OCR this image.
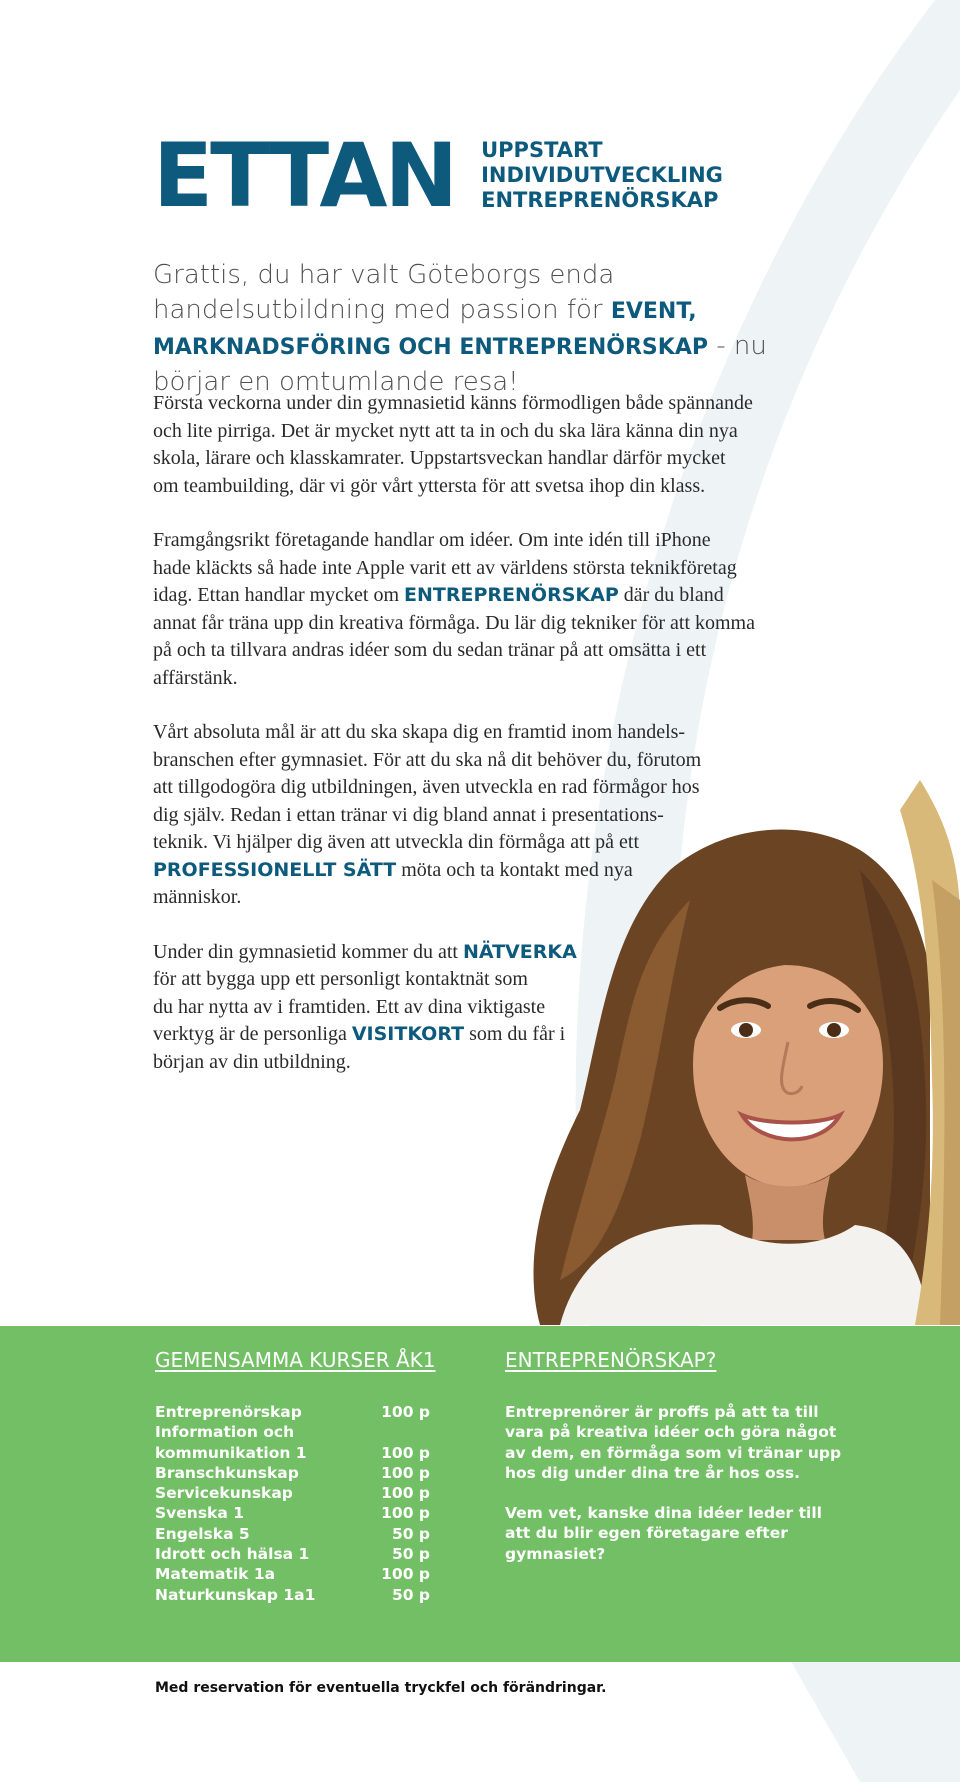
ETTAN UPPSTART
INDIVIDUTVECKLING
ENTREPRENÖRSKAP
Grattis, du har valt Göteborgs enda handelsutbildning med passion för EVENT, MARKNADSFÖRING OCH ENTREPRENÖRSKAP - nu börjar en omtumlande resa!
Första veckorna under din gymnasietid känns förmodligen både spännande
och lite pirriga. Det är mycket nytt att ta in och du ska lära känna din nya
skola, lärare och klasskamrater. Uppstartsveckan handlar därför mycket
om teambuilding, där vi gör vårt yttersta för att svetsa ihop din klass.
Framgångsrikt företagande handlar om idéer. Om inte idén till iPhone
hade kläckts så hade inte Apple varit ett av världens största teknikföretag
idag. Ettan handlar mycket om ENTREPRENÖRSKAP där du bland
annat får träna upp din kreativa förmåga. Du lär dig tekniker för att komma
på och ta tillvara andras idéer som du sedan tränar på att omsätta i ett
affärstänk.
Vårt absoluta mål är att du ska skapa dig en framtid inom handels-
branschen efter gymnasiet. För att du ska nå dit behöver du, förutom
att tillgodogöra dig utbildningen, även utveckla en rad förmågor hos
dig själv. Redan i ettan tränar vi dig bland annat i presentations-
teknik. Vi hjälper dig även att utveckla din förmåga att på ett
PROFESSIONELLT SÄTT möta och ta kontakt med nya
människor.
Under din gymnasietid kommer du att NÄTVERKA
för att bygga upp ett personligt kontaktnät som
du har nytta av i framtiden. Ett av dina viktigaste
verktyg är de personliga VISITKORT som du får i
början av din utbildning.
GEMENSAMMA KURSER ÅK1
Entreprenörskap	100 p
Information och
kommunikation 1	100 p
Branschkunskap	100 p
Servicekunskap	100 p
Svenska 1	100 p
Engelska 5	50 p
Idrott och hälsa 1	50 p
Matematik 1a	100 p
Naturkunskap 1a1	50 p
ENTREPRENÖRSKAP?
Entreprenörer är proffs på att ta till
vara på kreativa idéer och göra något
av dem, en förmåga som vi tränar upp
hos dig under dina tre år hos oss.
Vem vet, kanske dina idéer leder till
att du blir egen företagare efter
gymnasiet?
Med reservation för eventuella tryckfel och förändringar.
